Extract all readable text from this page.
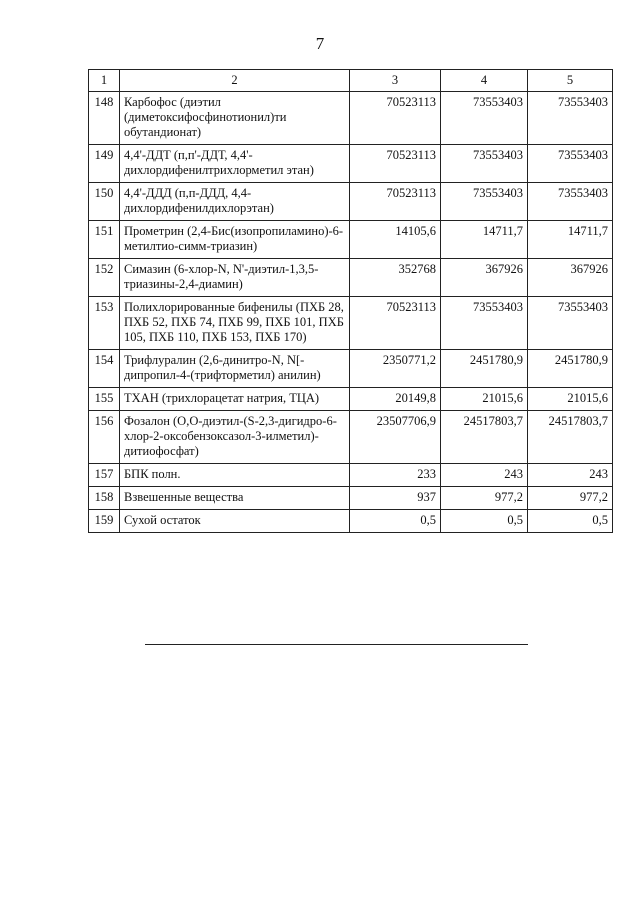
7
1	2	3	4	5
148	Карбофос (диэтил (диметоксифосфинотионил)ти обутандионат)	70523113	73553403	73553403
149	4,4'-ДДТ (п,п'-ДДТ, 4,4'-дихлордифенилтрихлорметил этан)	70523113	73553403	73553403
150	4,4'-ДДД (п,п-ДДД, 4,4-дихлордифенилдихлорэтан)	70523113	73553403	73553403
151	Прометрин (2,4-Бис(изопропиламино)-6-метилтио-симм-триазин)	14105,6	14711,7	14711,7
152	Симазин (6-хлор-N, N'-диэтил-1,3,5-триазины-2,4-диамин)	352768	367926	367926
153	Полихлорированные бифенилы (ПХБ 28, ПХБ 52, ПХБ 74, ПХБ 99, ПХБ 101, ПХБ 105, ПХБ 110, ПХБ 153, ПХБ 170)	70523113	73553403	73553403
154	Трифлуралин (2,6-динитро-N, N[-дипропил-4-(трифторметил) анилин)	2350771,2	2451780,9	2451780,9
155	ТХАН (трихлорацетат натрия, ТЦА)	20149,8	21015,6	21015,6
156	Фозалон (О,О-диэтил-(S-2,3-дигидро-6-хлор-2-оксобензоксазол-3-илметил)-дитиофосфат)	23507706,9	24517803,7	24517803,7
157	БПК полн.	233	243	243
158	Взвешенные вещества	937	977,2	977,2
159	Сухой остаток	0,5	0,5	0,5
